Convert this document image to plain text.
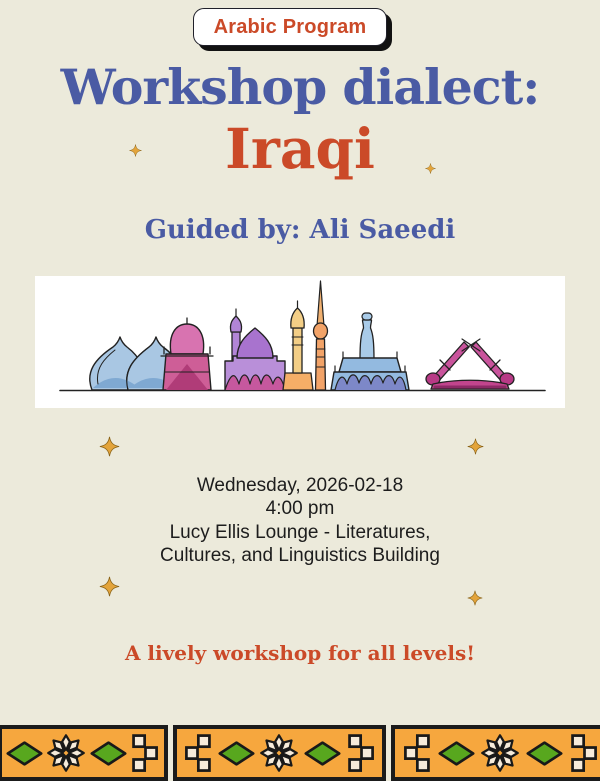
Arabic Program
Workshop dialect:
Iraqi
Guided by: Ali Saeedi
Wednesday, 2026-02-18
4:00 pm
Lucy Ellis Lounge - Literatures,
Cultures, and Linguistics Building
A lively workshop for all levels!
